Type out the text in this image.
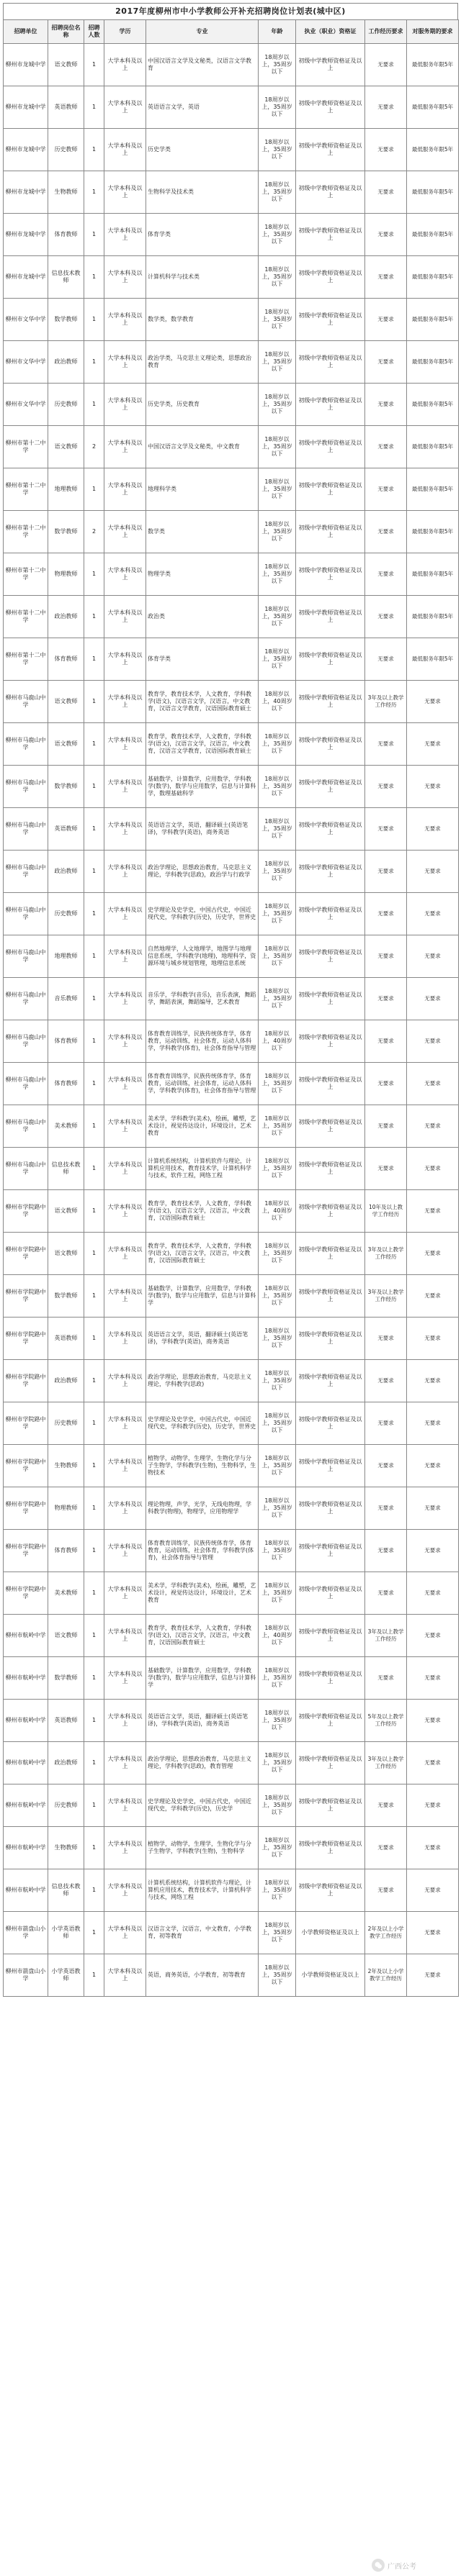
2017年度柳州市中小学教师公开补充招聘岗位计划表(城中区)
招聘单位	招聘岗位名称	招聘人数	学历	专业	年龄	执业（职业）资格证	工作经历要求	对服务期的要求
柳州市龙城中学	语文教师	1	大学本科及以上	中国汉语言文学及文秘类，汉语言文学教育	18周岁以上，35周岁以下	初级中学教师资格证及以上	无要求	最低服务年限5年
柳州市龙城中学	英语教师	1	大学本科及以上	英语语言文学，英语	18周岁以上，35周岁以下	初级中学教师资格证及以上	无要求	最低服务年限5年
柳州市龙城中学	历史教师	1	大学本科及以上	历史学类	18周岁以上，35周岁以下	初级中学教师资格证及以上	无要求	最低服务年限5年
柳州市龙城中学	生物教师	1	大学本科及以上	生物科学及技术类	18周岁以上，35周岁以下	初级中学教师资格证及以上	无要求	最低服务年限5年
柳州市龙城中学	体育教师	1	大学本科及以上	体育学类	18周岁以上，35周岁以下	初级中学教师资格证及以上	无要求	最低服务年限5年
柳州市龙城中学	信息技术教师	1	大学本科及以上	计算机科学与技术类	18周岁以上，35周岁以下	初级中学教师资格证及以上	无要求	最低服务年限5年
柳州市文华中学	数学教师	1	大学本科及以上	数学类，数学教育	18周岁以上，35周岁以下	初级中学教师资格证及以上	无要求	最低服务年限5年
柳州市文华中学	政治教师	1	大学本科及以上	政治学类，马克思主义理论类，思想政治教育	18周岁以上，35周岁以下	初级中学教师资格证及以上	无要求	最低服务年限5年
柳州市文华中学	历史教师	1	大学本科及以上	历史学类，历史教育	18周岁以上，35周岁以下	初级中学教师资格证及以上	无要求	最低服务年限5年
柳州市第十二中学	语文教师	2	大学本科及以上	中国汉语言文学及文秘类，中文教育	18周岁以上，35周岁以下	初级中学教师资格证及以上	无要求	最低服务年限5年
柳州市第十二中学	地理教师	1	大学本科及以上	地理科学类	18周岁以上，35周岁以下	初级中学教师资格证及以上	无要求	最低服务年限5年
柳州市第十二中学	数学教师	2	大学本科及以上	数学类	18周岁以上，35周岁以下	初级中学教师资格证及以上	无要求	最低服务年限5年
柳州市第十二中学	物理教师	1	大学本科及以上	物理学类	18周岁以上，35周岁以下	初级中学教师资格证及以上	无要求	最低服务年限5年
柳州市第十二中学	政治教师	1	大学本科及以上	政治类	18周岁以上，35周岁以下	初级中学教师资格证及以上	无要求	最低服务年限5年
柳州市第十二中学	体育教师	1	大学本科及以上	体育学类	18周岁以上，35周岁以下	初级中学教师资格证及以上	无要求	最低服务年限5年
柳州市马鹿山中学	语文教师	1	大学本科及以上	教育学，教育技术学，人文教育，学科教学(语文)，汉语言文学，汉语言，中文教育，汉语言文学教育，汉语国际教育硕士	18周岁以上，40周岁以下	初级中学教师资格证及以上	3年及以上教学工作经历	无要求
柳州市马鹿山中学	语文教师	1	大学本科及以上	教育学，教育技术学，人文教育，学科教学(语文)，汉语言文学，汉语言，中文教育，汉语言文学教育，汉语国际教育硕士	18周岁以上，35周岁以下	初级中学教师资格证及以上	无要求	无要求
柳州市马鹿山中学	数学教师	1	大学本科及以上	基础数学，计算数学，应用数学，学科教学(数学)，数学与应用数学，信息与计算科学，数理基础科学	18周岁以上，35周岁以下	初级中学教师资格证及以上	无要求	无要求
柳州市马鹿山中学	英语教师	1	大学本科及以上	英语语言文学，英语，翻译硕士(英语笔译)，学科教学(英语)，商务英语	18周岁以上，35周岁以下	初级中学教师资格证及以上	无要求	无要求
柳州市马鹿山中学	政治教师	1	大学本科及以上	政治学理论，思想政治教育，马克思主义理论，学科教学(思政)，政治学与行政学	18周岁以上，35周岁以下	初级中学教师资格证及以上	无要求	无要求
柳州市马鹿山中学	历史教师	1	大学本科及以上	史学理论及史学史，中国古代史，中国近现代史，学科教学(历史)，历史学，世界史	18周岁以上，35周岁以下	初级中学教师资格证及以上	无要求	无要求
柳州市马鹿山中学	地理教师	1	大学本科及以上	自然地理学，人文地理学，地图学与地理信息系统，学科教学(地理)，地理科学，资源环境与城乡规划管理，地理信息系统	18周岁以上，35周岁以下	初级中学教师资格证及以上	无要求	无要求
柳州市马鹿山中学	音乐教师	1	大学本科及以上	音乐学，学科教学(音乐)，音乐表演，舞蹈学，舞蹈表演，舞蹈编导，艺术教育	18周岁以上，35周岁以下	初级中学教师资格证及以上	无要求	无要求
柳州市马鹿山中学	体育教师	1	大学本科及以上	体育教育训练学，民族传统体育学，体育教育，运动训练，社会体育，运动人体科学，学科教学(体育)，社会体育指导与管理	18周岁以上，40周岁以下	初级中学教师资格证及以上	无要求	无要求
柳州市马鹿山中学	体育教师	1	大学本科及以上	体育教育训练学，民族传统体育学，体育教育，运动训练，社会体育，运动人体科学，学科教学(体育)，社会体育指导与管理	18周岁以上，35周岁以下	初级中学教师资格证及以上	无要求	无要求
柳州市马鹿山中学	美术教师	1	大学本科及以上	美术学，学科教学(美术)，绘画，雕塑，艺术设计，视觉传达设计，环境设计，艺术教育	18周岁以上，35周岁以下	初级中学教师资格证及以上	无要求	无要求
柳州市马鹿山中学	信息技术教师	1	大学本科及以上	计算机系统结构，计算机软件与理论，计算机应用技术，教育技术学，计算机科学与技术，软件工程，网络工程	18周岁以上，35周岁以下	初级中学教师资格证及以上	无要求	无要求
柳州市学院路中学	语文教师	1	大学本科及以上	教育学，教育技术学，人文教育，学科教学(语文)，汉语言文学，汉语言，中文教育，汉语国际教育硕士	18周岁以上，40周岁以下	初级中学教师资格证及以上	10年及以上教学工作经历	无要求
柳州市学院路中学	语文教师	1	大学本科及以上	教育学，教育技术学，人文教育，学科教学(语文)，汉语言文学，汉语言，中文教育，汉语国际教育硕士	18周岁以上，35周岁以下	初级中学教师资格证及以上	3年及以上教学工作经历	无要求
柳州市学院路中学	数学教师	1	大学本科及以上	基础数学，计算数学，应用数学，学科教学(数学)，数学与应用数学，信息与计算科学	18周岁以上，35周岁以下	初级中学教师资格证及以上	3年及以上教学工作经历	无要求
柳州市学院路中学	英语教师	1	大学本科及以上	英语语言文学，英语，翻译硕士(英语笔译)，学科教学(英语)，商务英语	18周岁以上，35周岁以下	初级中学教师资格证及以上	无要求	无要求
柳州市学院路中学	政治教师	1	大学本科及以上	政治学理论，思想政治教育，马克思主义理论，学科教学(思政)	18周岁以上，35周岁以下	初级中学教师资格证及以上	无要求	无要求
柳州市学院路中学	历史教师	1	大学本科及以上	史学理论及史学史，中国古代史，中国近现代史，学科教学(历史)，历史学，世界史	18周岁以上，35周岁以下	初级中学教师资格证及以上	无要求	无要求
柳州市学院路中学	生物教师	1	大学本科及以上	植物学，动物学，生理学，生物化学与分子生物学，学科教学(生物)，生物科学，生物技术	18周岁以上，35周岁以下	初级中学教师资格证及以上	无要求	无要求
柳州市学院路中学	物理教师	1	大学本科及以上	理论物理，声学，光学，无线电物理，学科教学(物理)，物理学，应用物理学	18周岁以上，35周岁以下	初级中学教师资格证及以上	无要求	无要求
柳州市学院路中学	体育教师	1	大学本科及以上	体育教育训练学，民族传统体育学，体育教育，运动训练，社会体育，学科教学(体育)，社会体育指导与管理	18周岁以上，35周岁以下	初级中学教师资格证及以上	无要求	无要求
柳州市学院路中学	美术教师	1	大学本科及以上	美术学，学科教学(美术)，绘画，雕塑，艺术设计，视觉传达设计，环境设计，艺术教育	18周岁以上，35周岁以下	初级中学教师资格证及以上	无要求	无要求
柳州市航岭中学	语文教师	1	大学本科及以上	教育学，教育技术学，人文教育，学科教学(语文)，汉语言文学，汉语言，中文教育，汉语国际教育硕士	18周岁以上，40周岁以下	初级中学教师资格证及以上	3年及以上教学工作经历	无要求
柳州市航岭中学	数学教师	1	大学本科及以上	基础数学，计算数学，应用数学，学科教学(数学)，数学与应用数学，信息与计算科学	18周岁以上，35周岁以下	初级中学教师资格证及以上	无要求	无要求
柳州市航岭中学	英语教师	1	大学本科及以上	英语语言文学，英语，翻译硕士(英语笔译)，学科教学(英语)，商务英语	18周岁以上，35周岁以下	初级中学教师资格证及以上	5年及以上教学工作经历	无要求
柳州市航岭中学	政治教师	1	大学本科及以上	政治学理论，思想政治教育，马克思主义理论，学科教学(思政)，教育管理	18周岁以上，35周岁以下	初级中学教师资格证及以上	3年及以上教学工作经历	无要求
柳州市航岭中学	历史教师	1	大学本科及以上	史学理论及史学史，中国古代史，中国近现代史，学科教学(历史)，历史学	18周岁以上，35周岁以下	初级中学教师资格证及以上	无要求	无要求
柳州市航岭中学	生物教师	1	大学本科及以上	植物学，动物学，生理学，生物化学与分子生物学，学科教学(生物)，生物科学	18周岁以上，35周岁以下	初级中学教师资格证及以上	无要求	无要求
柳州市航岭中学	信息技术教师	1	大学本科及以上	计算机系统结构，计算机软件与理论，计算机应用技术，教育技术学，计算机科学与技术，网络工程	18周岁以上，35周岁以下	初级中学教师资格证及以上	无要求	无要求
柳州市箭盘山小学	小学英语教师	1	大学本科及以上	汉语言文学，汉语言，中文教育，小学教育，初等教育	18周岁以上，35周岁以下	小学教师资格证及以上	2年及以上小学教学工作经历	无要求
柳州市箭盘山小学	小学英语教师	1	大学本科及以上	英语，商务英语，小学教育，初等教育	18周岁以上，35周岁以下	小学教师资格证及以上	2年及以上小学教学工作经历	无要求
广西公考
